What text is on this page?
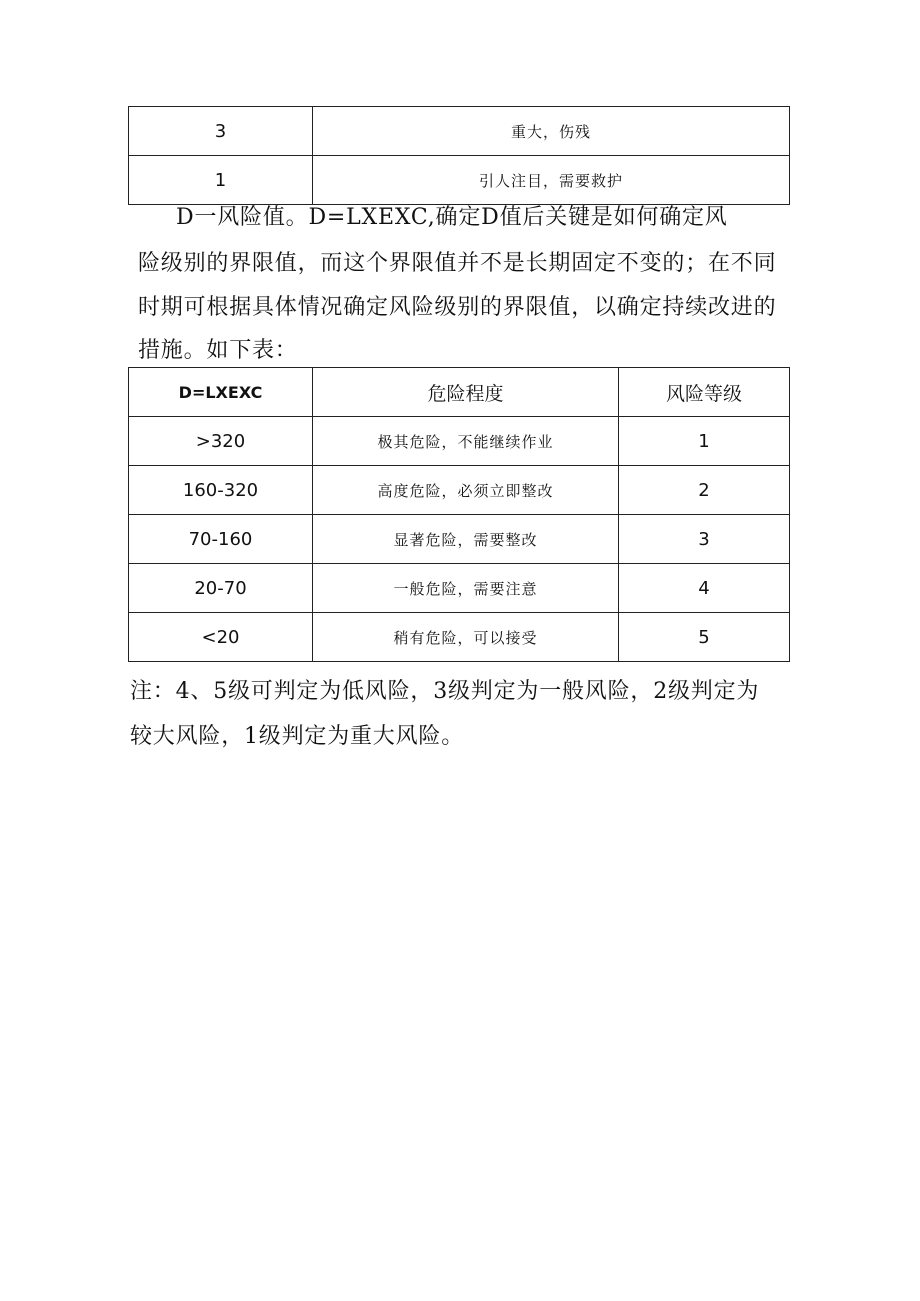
3	重大，伤残
1	引人注目，需要救护

D一风险值。D=LXEXC,确定D值后关键是如何确定风

险级别的界限值，而这个界限值并不是长期固定不变的；在不同

时期可根据具体情况确定风险级别的界限值，以确定持续改进的

措施。如下表：

D=LXEXC	危险程度	风险等级
>320	极其危险，不能继续作业	1
160-320	高度危险，必须立即整改	2
70-160	显著危险，需要整改	3
20-70	一般危险，需要注意	4
<20	稍有危险，可以接受	5

注：4、5级可判定为低风险，3级判定为一般风险，2级判定为

较大风险，1级判定为重大风险。
